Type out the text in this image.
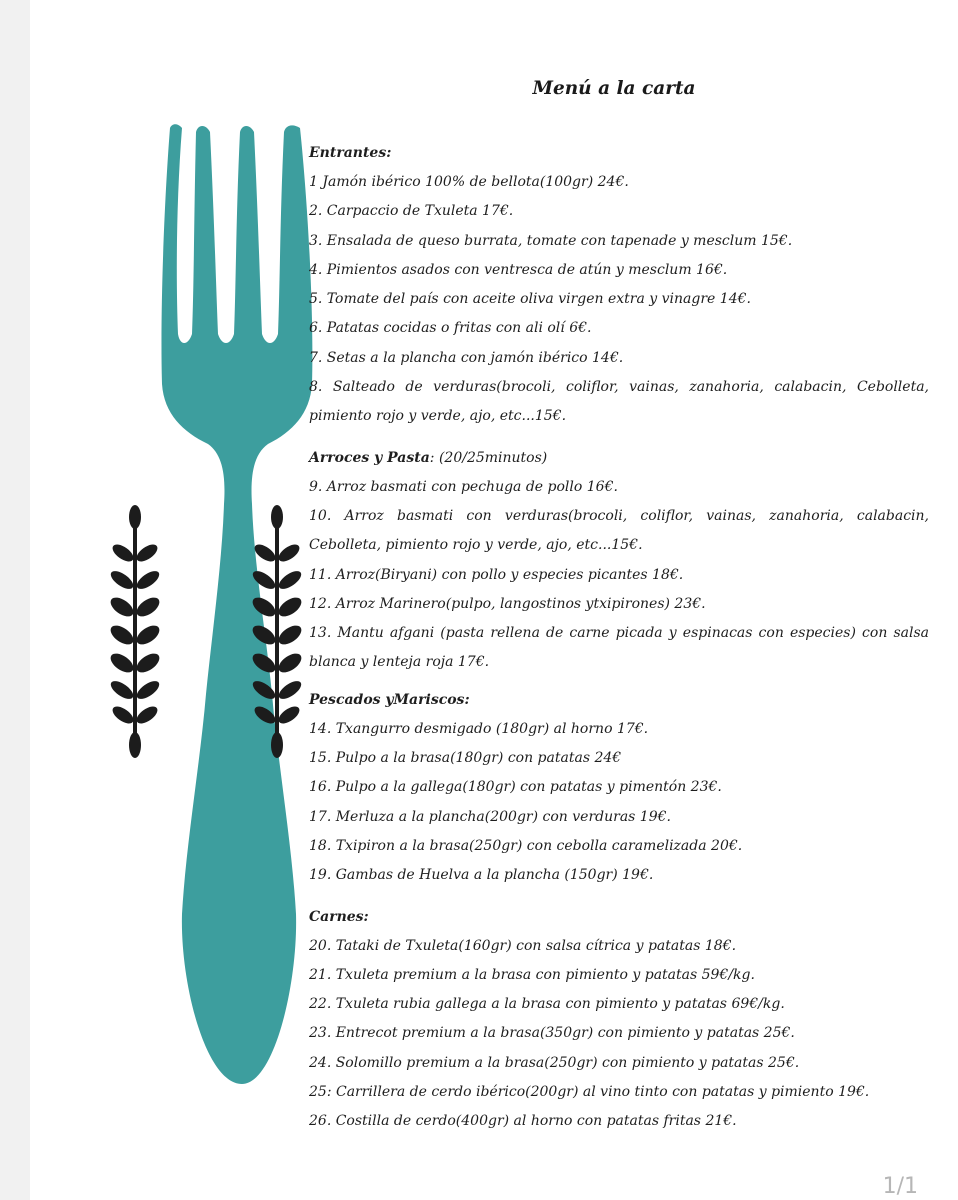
Menú a la carta
Entrantes:
1 Jamón ibérico 100% de bellota(100gr) 24€.
2. Carpaccio de Txuleta 17€.
3. Ensalada de queso burrata, tomate con tapenade y mesclum 15€.
4. Pimientos asados con ventresca de atún y mesclum 16€.
5. Tomate del país con aceite oliva virgen extra y vinagre 14€.
6. Patatas cocidas o fritas con ali olí 6€.
7. Setas a la plancha con jamón ibérico 14€.
8. Salteado de verduras(brocoli, coliflor, vainas, zanahoria, calabacin, Cebolleta, pimiento rojo y verde, ajo, etc...15€.
Arroces y Pasta: (20/25minutos)
9. Arroz basmati con pechuga de pollo 16€.
10. Arroz basmati con verduras(brocoli, coliflor, vainas, zanahoria, calabacin, Cebolleta, pimiento rojo y verde, ajo, etc...15€.
11. Arroz(Biryani) con pollo y especies picantes 18€.
12. Arroz Marinero(pulpo, langostinos ytxipirones) 23€.
13. Mantu afgani (pasta rellena de carne picada y espinacas con especies) con salsa blanca y lenteja roja 17€.
Pescados yMariscos:
14. Txangurro desmigado (180gr) al horno 17€.
15. Pulpo a la brasa(180gr) con patatas 24€
16. Pulpo a la gallega(180gr) con patatas y pimentón 23€.
17. Merluza a la plancha(200gr) con verduras 19€.
18. Txipiron a la brasa(250gr) con cebolla caramelizada 20€.
19. Gambas de Huelva a la plancha (150gr) 19€.
Carnes:
20. Tataki de Txuleta(160gr) con salsa cítrica y patatas 18€.
21. Txuleta premium a la brasa con pimiento y patatas 59€/kg.
22. Txuleta rubia gallega a la brasa con pimiento y patatas 69€/kg.
23. Entrecot premium a la brasa(350gr) con pimiento y patatas 25€.
24. Solomillo premium a la brasa(250gr) con pimiento y patatas 25€.
25: Carrillera de cerdo ibérico(200gr) al vino tinto con patatas y pimiento 19€.
26. Costilla de cerdo(400gr) al horno con patatas fritas 21€.
1/1
